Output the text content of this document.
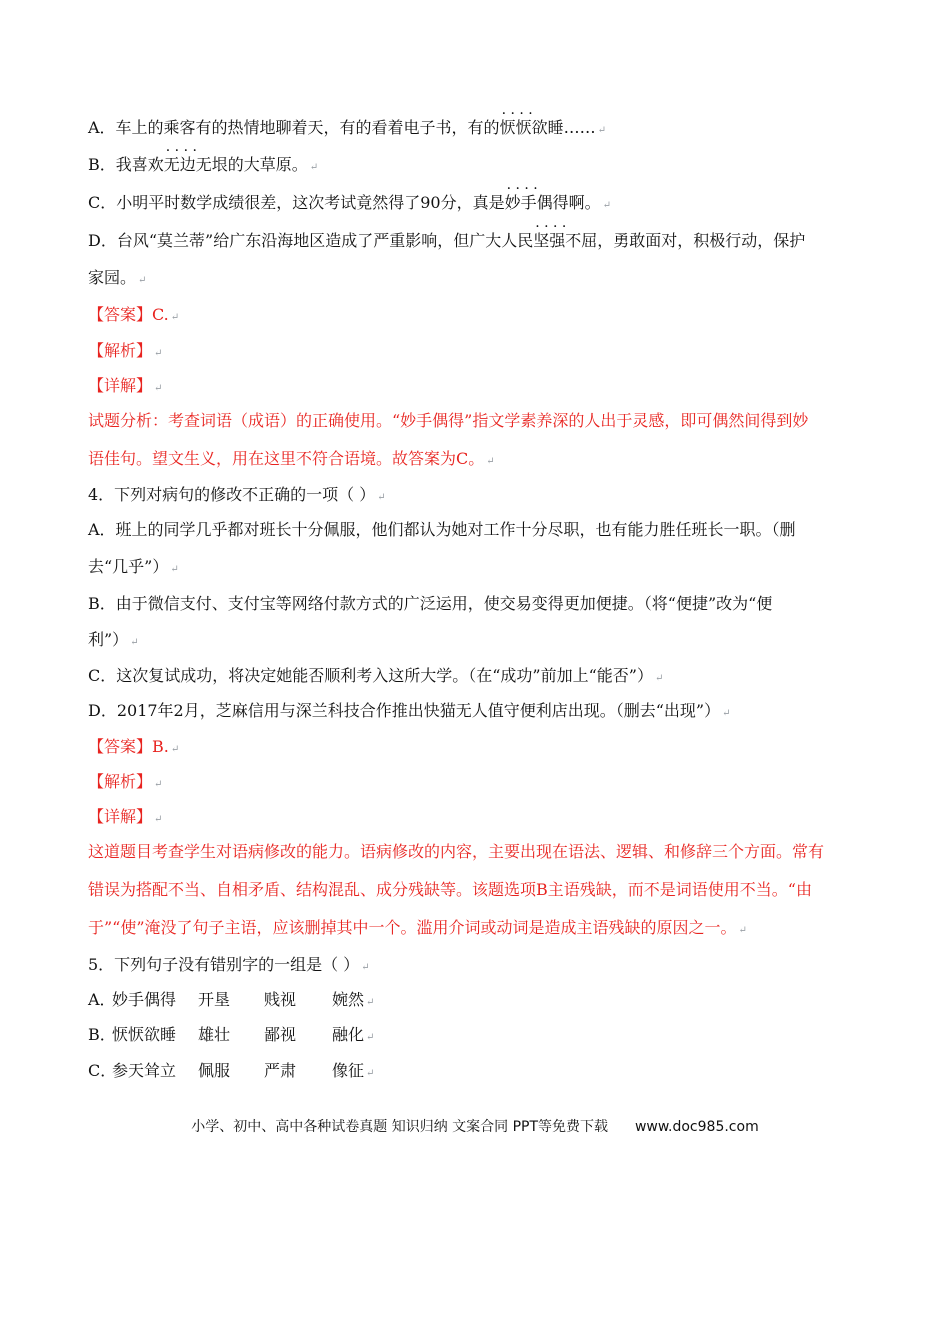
A．车上的乘客有的热情地聊着天，有的看着电子书，有的· · 恹恹欲睡…… ↵
B．我喜欢· · 无边无垠的大草原。 ↵
C．小明平时数学成绩很差，这次考试竟然得了90分，真是· · 妙手偶得啊。 ↵
D．台风“莫兰蒂”给广东沿海地区造成了严重影响，但广大人民· · 坚强不屈，勇敢面对，积极行动，保护
家园。 ↵
【答案】C. ↵
【解析】 ↵
【详解】 ↵
试题分析：考查词语（成语）的正确使用。“妙手偶得”指文学素养深的人出于灵感，即可偶然间得到妙
语佳句。望文生义，用在这里不符合语境。故答案为C。 ↵
4．下列对病句的修改不正确的一项（ ） ↵
A．班上的同学几乎都对班长十分佩服，他们都认为她对工作十分尽职，也有能力胜任班长一职。（删
去“几乎”） ↵
B．由于微信支付、支付宝等网络付款方式的广泛运用，使交易变得更加便捷。（将“便捷”改为“便
利”） ↵
C．这次复试成功，将决定她能否顺利考入这所大学。（在“成功”前加上“能否”） ↵
D．2017年2月，芝麻信用与深兰科技合作推出快猫无人值守便利店出现。（删去“出现”） ↵
【答案】B. ↵
【解析】 ↵
【详解】 ↵
这道题目考查学生对语病修改的能力。语病修改的内容，主要出现在语法、逻辑、和修辞三个方面。常有
错误为搭配不当、自相矛盾、结构混乱、成分残缺等。该题选项B主语残缺，而不是词语使用不当。“由
于”“使”淹没了句子主语，应该删掉其中一个。滥用介词或动词是造成主语残缺的原因之一。 ↵
5．下列句子没有错别字的一组是（ ） ↵
A．妙手偶得 开垦 贱视 婉然 ↵
B．恹恹欲睡 雄壮 鄙视 融化 ↵
C．参天耸立 佩服 严肃 像征 ↵
小学、初中、高中各种试卷真题 知识归纳 文案合同 PPT等免费下载 www.doc985.com
